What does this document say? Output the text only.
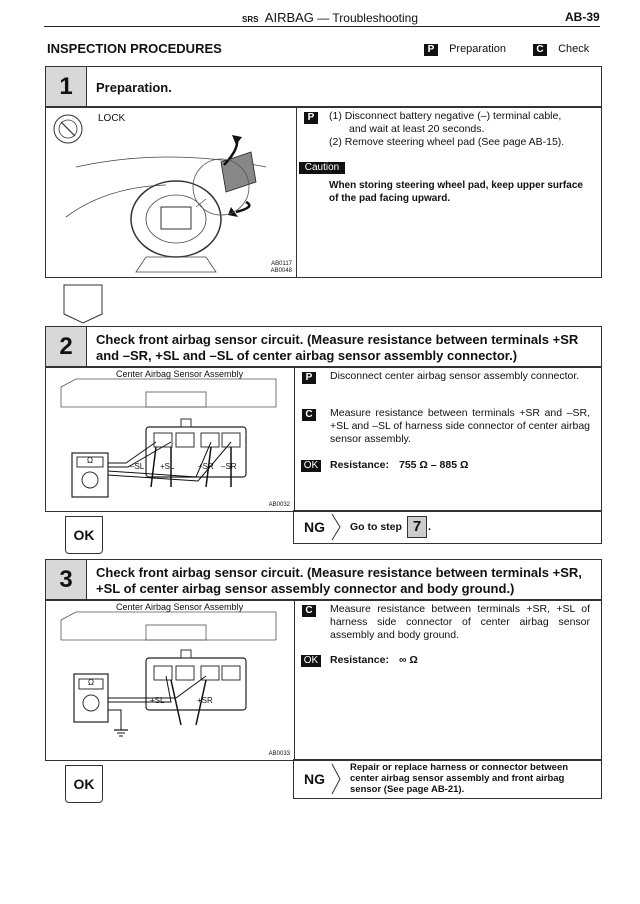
SRS AIRBAG — Troubleshooting	AB-39
INSPECTION PROCEDURES	P Preparation	C Check
1	Preparation.
LOCK
AB0117
AB0048
P	(1) Disconnect battery negative (–) terminal cable,
and wait at least 20 seconds.
(2) Remove steering wheel pad (See page AB-15).
Caution
When storing steering wheel pad, keep upper surface of the pad facing upward.
2	Check front airbag sensor circuit. (Measure resistance between terminals +SR and –SR, +SL and –SL of center airbag sensor assembly connector.)
Center Airbag Sensor Assembly
Ω
–SL +SL	+SR –SR
AB0032
P	Disconnect center airbag sensor assembly connector.
C	Measure resistance between terminals +SR and –SR, +SL and –SL of harness side connector of center airbag sensor assembly.
OK Resistance: 755 Ω – 885 Ω
OK	NG Go to step 7 .
3	Check front airbag sensor circuit. (Measure resistance between terminals +SR, +SL of center airbag sensor assembly connector and body ground.)
Center Airbag Sensor Assembly
Ω
+SL	+SR
AB0033
C	Measure resistance between terminals +SR, +SL of harness side connector of center airbag sensor assembly and body ground.
OK Resistance: ∞ Ω
OK	NG
Repair or replace harness or connector between center airbag sensor assembly and front airbag sensor (See page AB-21).
